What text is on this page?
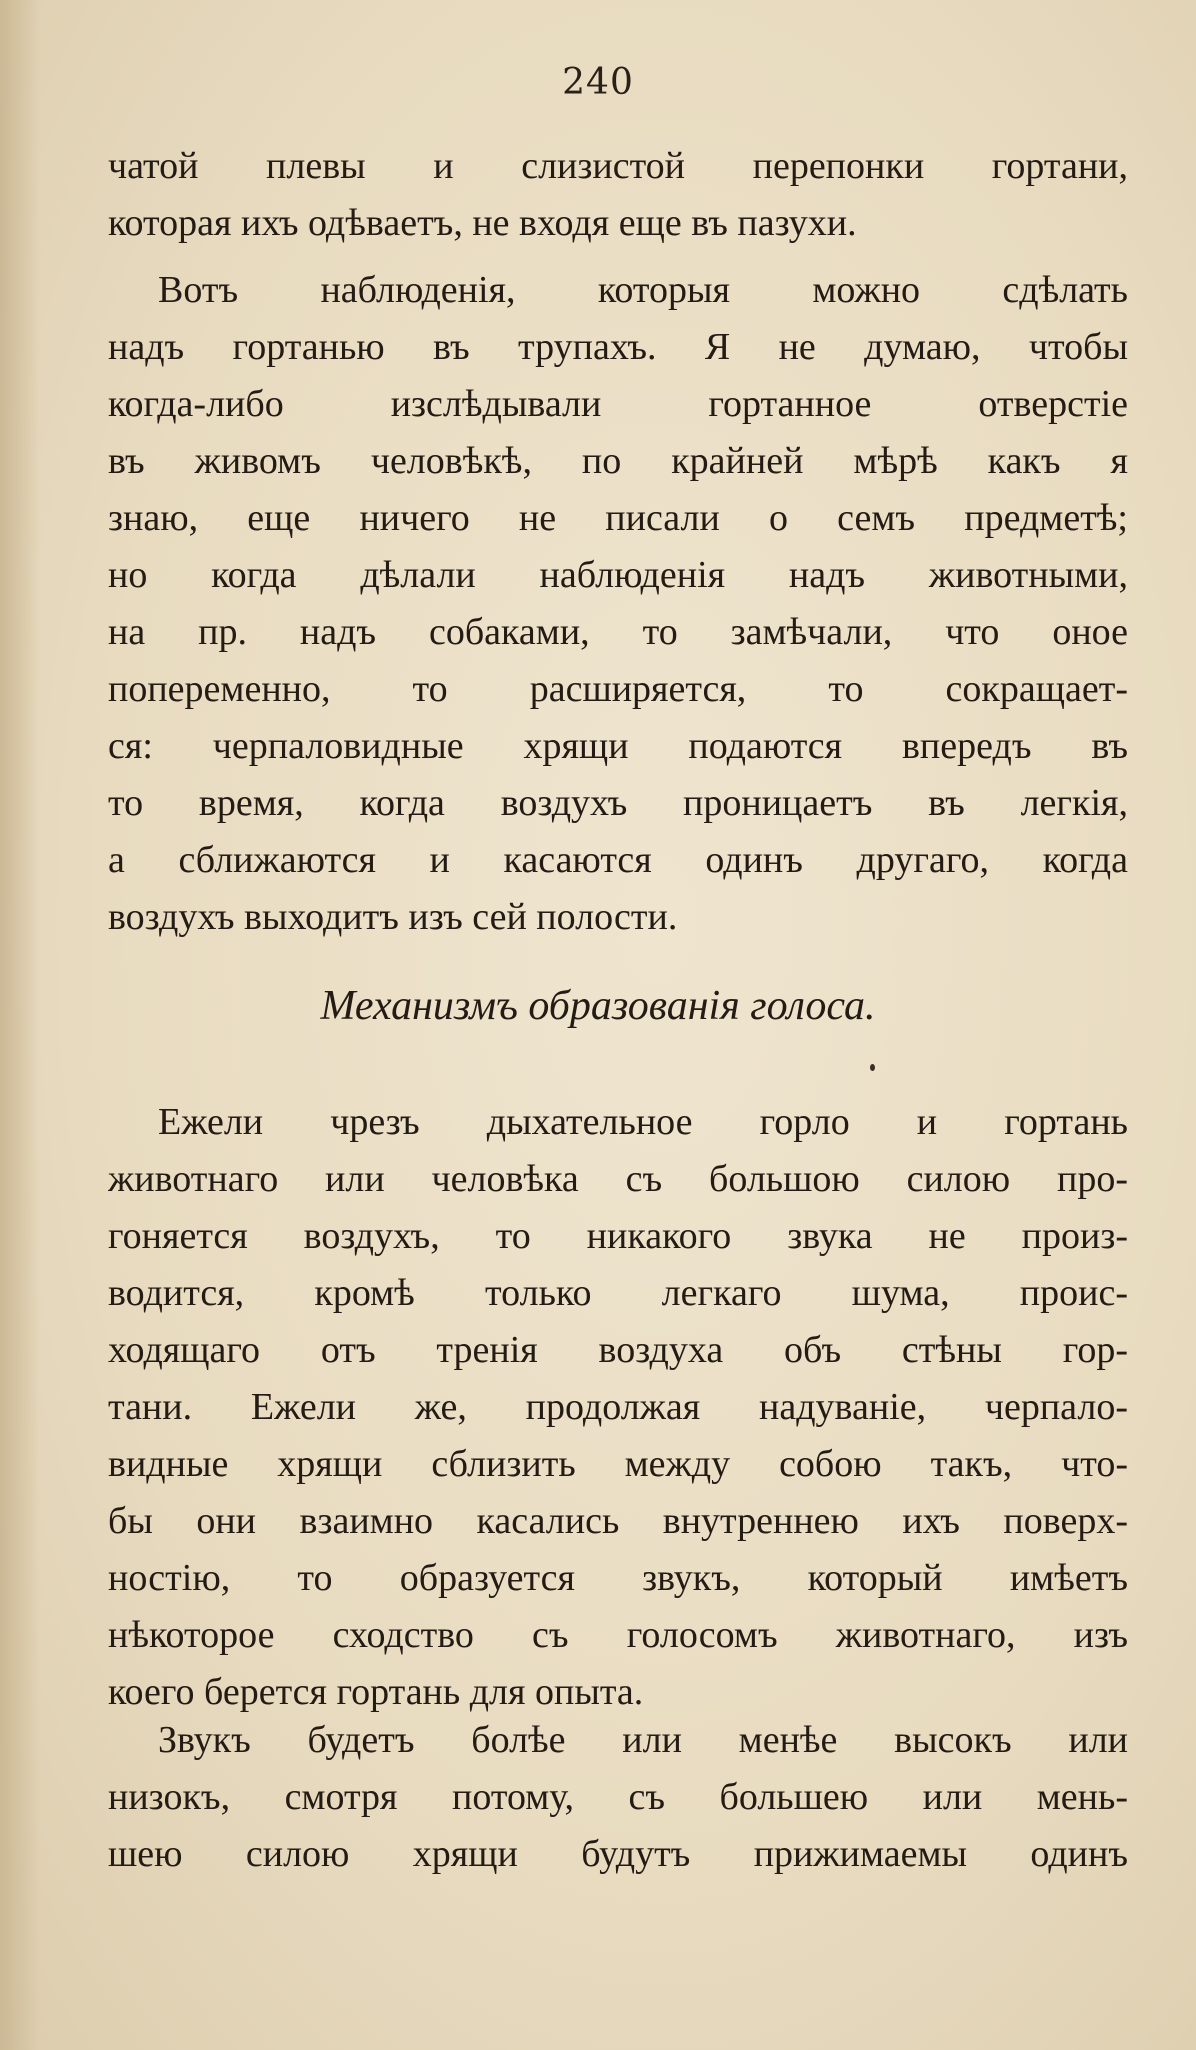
240
чатой плевы и слизистой перепонки гортани,
которая ихъ одѣваетъ, не входя еще въ пазухи.
Вотъ наблюденія, которыя можно сдѣлать
надъ гортанью въ трупахъ. Я не думаю, чтобы
когда-либо изслѣдывали гортанное отверстіе
въ живомъ человѣкѣ, по крайней мѣрѣ какъ я
знаю, еще ничего не писали о семъ предметѣ;
но когда дѣлали наблюденія надъ животными,
на пр. надъ собаками, то замѣчали, что оное
попеременно, то расширяется, то сокращает-
ся: черпаловидные хрящи подаются впередъ въ
то время, когда воздухъ проницаетъ въ легкія,
а сближаются и касаются одинъ другаго, когда
воздухъ выходитъ изъ сей полости.
Механизмъ образованія голоса.
Ежели чрезъ дыхательное горло и гортань
животнаго или человѣка съ большою силою про-
гоняется воздухъ, то никакого звука не произ-
водится, кромѣ только легкаго шума, проис-
ходящаго отъ тренія воздуха объ стѣны гор-
тани. Ежели же, продолжая надуваніе, черпало-
видные хрящи сблизить между собою такъ, что-
бы они взаимно касались внутреннею ихъ поверх-
ностію, то образуется звукъ, который имѣетъ
нѣкоторое сходство съ голосомъ животнаго, изъ
коего берется гортань для опыта.
Звукъ будетъ болѣе или менѣе высокъ или
низокъ, смотря потому, съ большею или мень-
шею силою хрящи будутъ прижимаемы одинъ
